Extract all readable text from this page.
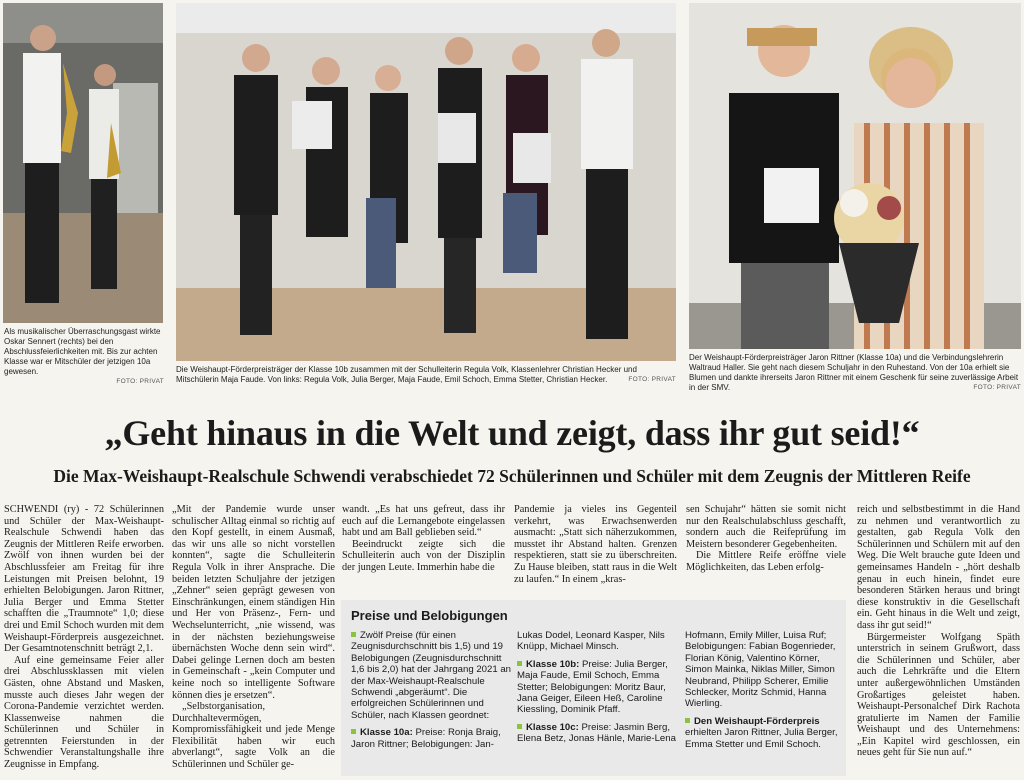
Als musikalischer Überraschungsgast wirkte Oskar Sennert (rechts) bei den Abschlussfeierlichkeiten mit. Bis zur achten Klasse war er Mitschüler der jetzigen 10a gewesen.
FOTO: PRIVAT
Die Weishaupt-Förderpreisträger der Klasse 10b zusammen mit der Schulleiterin Regula Volk, Klassenlehrer Christian Hecker und Mitschülerin Maja Faude. Von links: Regula Volk, Julia Berger, Maja Faude, Emil Schoch, Emma Stetter, Christian Hecker.	FOTO: PRIVAT
Der Weishaupt-Förderpreisträger Jaron Rittner (Klasse 10a) und die Verbindungslehrerin Waltraud Haller. Sie geht nach diesem Schuljahr in den Ruhestand. Von der 10a erhielt sie Blumen und dankte ihrerseits Jaron Rittner mit einem Geschenk für seine zuverlässige Arbeit in der SMV.	FOTO: PRIVAT
„Geht hinaus in die Welt und zeigt, dass ihr gut seid!“
Die Max-Weishaupt-Realschule Schwendi verabschiedet 72 Schülerinnen und Schüler mit dem Zeugnis der Mittleren Reife

SCHWENDI (ry) - 72 Schülerinnen und Schüler der Max-Weishaupt-Realschule Schwendi haben das Zeugnis der Mittleren Reife erworben. Zwölf von ihnen wurden bei der Abschlussfeier am Freitag für ihre Leistungen mit Preisen belohnt, 19 erhielten Belobigungen. Jaron Rittner, Julia Berger und Emma Stetter schafften die „Traumnote“ 1,0; diese drei und Emil Schoch wurden mit dem Weishaupt-Förderpreis ausgezeichnet. Der Gesamtnotenschnitt beträgt 2,1.

Auf eine gemeinsame Feier aller drei Abschlussklassen mit vielen Gästen, ohne Abstand und Masken, musste auch dieses Jahr wegen der Corona-Pandemie verzichtet werden. Klassenweise nahmen die Schülerinnen und Schüler in getrennten Feierstunden in der Schwendier Veranstaltungshalle ihre Zeugnisse in Empfang.

„Mit der Pandemie wurde unser schulischer Alltag einmal so richtig auf den Kopf gestellt, in einem Ausmaß, das wir uns alle so nicht vorstellen konnten“, sagte die Schulleiterin Regula Volk in ihrer Ansprache. Die beiden letzten Schuljahre der jetzigen „Zehner“ seien geprägt gewesen von Einschränkungen, einem ständigen Hin und Her von Präsenz-, Fern- und Wechselunterricht, „nie wissend, was in der nächsten beziehungsweise übernächsten Woche denn sein wird“. Dabei gelinge Lernen doch am besten in Gemeinschaft - „kein Computer und keine noch so intelligente Software können dies je ersetzen“.

„Selbstorganisation, Durchhaltevermögen, Kompromissfähigkeit und jede Menge Flexibilität haben wir euch abverlangt“, sagte Volk an die Schülerinnen und Schüler ge-

wandt. „Es hat uns gefreut, dass ihr euch auf die Lernangebote eingelassen habt und am Ball geblieben seid.“

Beeindruckt zeigte sich die Schulleiterin auch von der Disziplin der jungen Leute. Immerhin habe die

Pandemie ja vieles ins Gegenteil verkehrt, was Erwachsenwerden ausmacht: „Statt sich näherzukommen, musstet ihr Abstand halten. Grenzen respektieren, statt sie zu überschreiten. Zu Hause bleiben, statt raus in die Welt zu laufen.“ In einem „kras-

sen Schujahr“ hätten sie somit nicht nur den Realschulabschluss geschafft, sondern auch die Reifeprüfung im Meistern besonderer Gegebenheiten.

Die Mittlere Reife eröffne viele Möglichkeiten, das Leben erfolg-

reich und selbstbestimmt in die Hand zu nehmen und verantwortlich zu gestalten, gab Regula Volk den Schülerinnen und Schülern mit auf den Weg. Die Welt brauche gute Ideen und gemeinsames Handeln - „hört deshalb genau in euch hinein, findet eure besonderen Stärken heraus und bringt diese konstruktiv in die Gesellschaft ein. Geht hinaus in die Welt und zeigt, dass ihr gut seid!“

Bürgermeister Wolfgang Späth unterstrich in seinem Grußwort, dass die Schülerinnen und Schüler, aber auch die Lehrkräfte und die Eltern unter außergewöhnlichen Umständen Großartiges geleistet haben. Weishaupt-Personalchef Dirk Rachota gratulierte im Namen der Familie Weishaupt und des Unternehmens: „Ein Kapitel wird geschlossen, ein neues geht für Sie nun auf.“

Preise und Belobigungen

Zwölf Preise (für einen Zeugnisdurchschnitt bis 1,5) und 19 Belobigungen (Zeugnisdurchschnitt 1,6 bis 2,0) hat der Jahrgang 2021 an der Max-Weishaupt-Realschule Schwendi „abgeräumt“. Die erfolgreichen Schülerinnen und Schüler, nach Klassen geordnet:

Klasse 10a: Preise: Ronja Braig, Jaron Rittner; Belobigungen: Jan-

Lukas Dodel, Leonard Kasper, Nils Knüpp, Michael Minsch.

Klasse 10b: Preise: Julia Berger, Maja Faude, Emil Schoch, Emma Stetter; Belobigungen: Moritz Baur, Jana Geiger, Eileen Heß, Caroline Kiessling, Dominik Pfaff.

Klasse 10c: Preise: Jasmin Berg, Elena Betz, Jonas Hänle, Marie-Lena

Hofmann, Emily Miller, Luisa Ruf; Belobigungen: Fabian Bogenrieder, Florian König, Valentino Körner, Simon Mainka, Niklas Miller, Simon Neubrand, Philipp Scherer, Emilie Schlecker, Moritz Schmid, Hanna Wierling.

Den Weishaupt-Förderpreis erhielten Jaron Rittner, Julia Berger, Emma Stetter und Emil Schoch.
